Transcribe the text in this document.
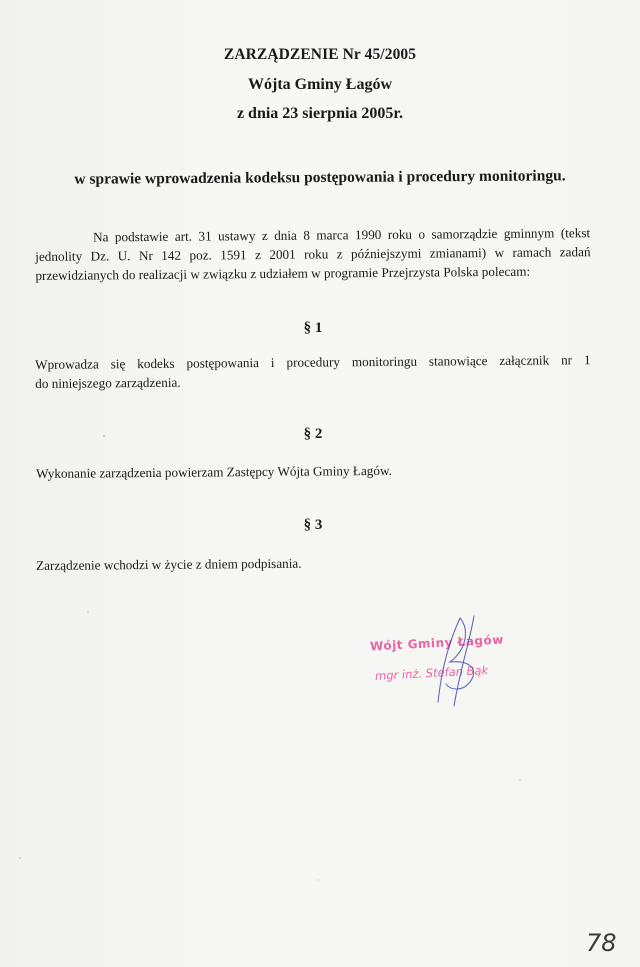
ZARZĄDZENIE Nr 45/2005
Wójta Gminy Łagów
z dnia 23 sierpnia 2005r.
w sprawie wprowadzenia kodeksu postępowania i procedury monitoringu.
Na podstawie art. 31 ustawy z dnia 8 marca 1990 roku o samorządzie gminnym (tekst
jednolity Dz. U. Nr 142 poz. 1591 z 2001 roku z późniejszymi zmianami) w ramach zadań
przewidzianych do realizacji w związku z udziałem w programie Przejrzysta Polska polecam:
§ 1
Wprowadza się kodeks postępowania i procedury monitoringu stanowiące załącznik nr 1
do niniejszego zarządzenia.
§ 2
Wykonanie zarządzenia powierzam Zastępcy Wójta Gminy Łagów.
§ 3
Zarządzenie wchodzi w życie z dniem podpisania.
Wójt Gminy Łagów
mgr inż. Stefan Bąk
78
